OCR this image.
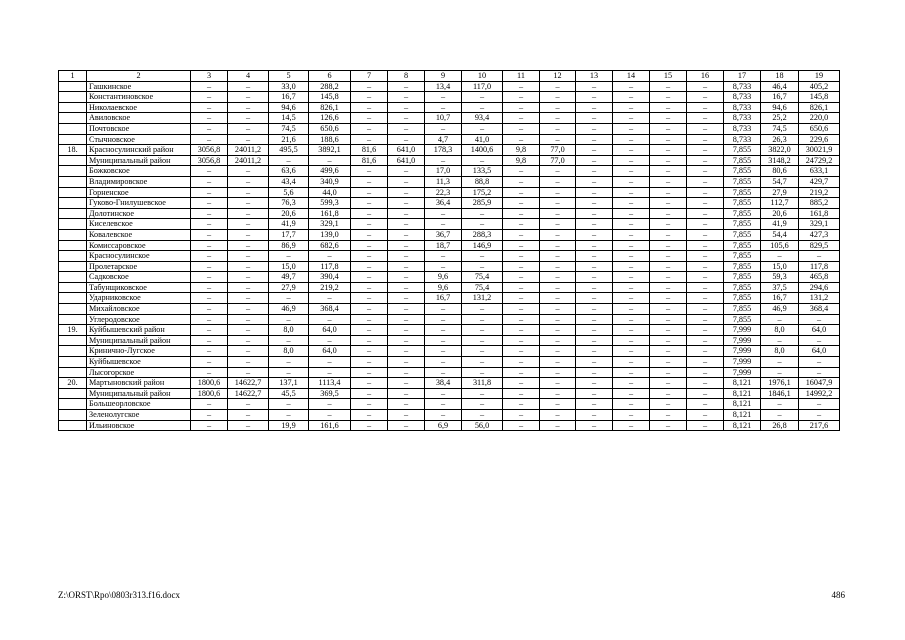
1	2	3	4	5	6	7	8	9	10	11	12	13	14	15	16	17	18	19
	Гашкинское	–	–	33,0	288,2	–	–	13,4	117,0	–	–	–	–	–	–	8,733	46,4	405,2
	Константиновское	–	–	16,7	145,8	–	–	–	–	–	–	–	–	–	–	8,733	16,7	145,8
	Николаевское	–	–	94,6	826,1	–	–	–	–	–	–	–	–	–	–	8,733	94,6	826,1
	Авиловское	–	–	14,5	126,6	–	–	10,7	93,4	–	–	–	–	–	–	8,733	25,2	220,0
	Почтовское	–	–	74,5	650,6	–	–	–	–	–	–	–	–	–	–	8,733	74,5	650,6
	Стычновское	–	–	21,6	188,6	–	–	4,7	41,0	–	–	–	–	–	–	8,733	26,3	229,6
18.	Красносулинский район	3056,8	24011,2	495,5	3892,1	81,6	641,0	178,3	1400,6	9,8	77,0	–	–	–	–	7,855	3822,0	30021,9
	Муниципальный район	3056,8	24011,2	–	–	81,6	641,0	–	–	9,8	77,0	–	–	–	–	7,855	3148,2	24729,2
	Божковское	–	–	63,6	499,6	–	–	17,0	133,5	–	–	–	–	–	–	7,855	80,6	633,1
	Владимировское	–	–	43,4	340,9	–	–	11,3	88,8	–	–	–	–	–	–	7,855	54,7	429,7
	Горненское	–	–	5,6	44,0	–	–	22,3	175,2	–	–	–	–	–	–	7,855	27,9	219,2
	Гуково-Гнилушевское	–	–	76,3	599,3	–	–	36,4	285,9	–	–	–	–	–	–	7,855	112,7	885,2
	Долотинское	–	–	20,6	161,8	–	–	–	–	–	–	–	–	–	–	7,855	20,6	161,8
	Киселевское	–	–	41,9	329,1	–	–	–	–	–	–	–	–	–	–	7,855	41,9	329,1
	Ковалевское	–	–	17,7	139,0	–	–	36,7	288,3	–	–	–	–	–	–	7,855	54,4	427,3
	Комиссаровское	–	–	86,9	682,6	–	–	18,7	146,9	–	–	–	–	–	–	7,855	105,6	829,5
	Красносулинское	–	–	–	–	–	–	–	–	–	–	–	–	–	–	7,855	–	–
	Пролетарское	–	–	15,0	117,8	–	–	–	–	–	–	–	–	–	–	7,855	15,0	117,8
	Садковское	–	–	49,7	390,4	–	–	9,6	75,4	–	–	–	–	–	–	7,855	59,3	465,8
	Табунщиковское	–	–	27,9	219,2	–	–	9,6	75,4	–	–	–	–	–	–	7,855	37,5	294,6
	Ударниковское	–	–	–	–	–	–	16,7	131,2	–	–	–	–	–	–	7,855	16,7	131,2
	Михайловское	–	–	46,9	368,4	–	–	–	–	–	–	–	–	–	–	7,855	46,9	368,4
	Углеродовское	–	–	–	–	–	–	–	–	–	–	–	–	–	–	7,855	–	–
19.	Куйбышевский район	–	–	8,0	64,0	–	–	–	–	–	–	–	–	–	–	7,999	8,0	64,0
	Муниципальный район	–	–	–	–	–	–	–	–	–	–	–	–	–	–	7,999	–	–
	Кринично-Лугское	–	–	8,0	64,0	–	–	–	–	–	–	–	–	–	–	7,999	8,0	64,0
	Куйбышевское	–	–	–	–	–	–	–	–	–	–	–	–	–	–	7,999	–	–
	Лысогорское	–	–	–	–	–	–	–	–	–	–	–	–	–	–	7,999	–	–
20.	Мартыновский район	1800,6	14622,7	137,1	1113,4	–	–	38,4	311,8	–	–	–	–	–	–	8,121	1976,1	16047,9
	Муниципальный район	1800,6	14622,7	45,5	369,5	–	–	–	–	–	–	–	–	–	–	8,121	1846,1	14992,2
	Большеорловское	–	–	–	–	–	–	–	–	–	–	–	–	–	–	8,121	–	–
	Зеленолугское	–	–	–	–	–	–	–	–	–	–	–	–	–	–	8,121	–	–
	Ильиновское	–	–	19,9	161,6	–	–	6,9	56,0	–	–	–	–	–	–	8,121	26,8	217,6
Z:\ORST\Rpo\0803r313.f16.docx	486
